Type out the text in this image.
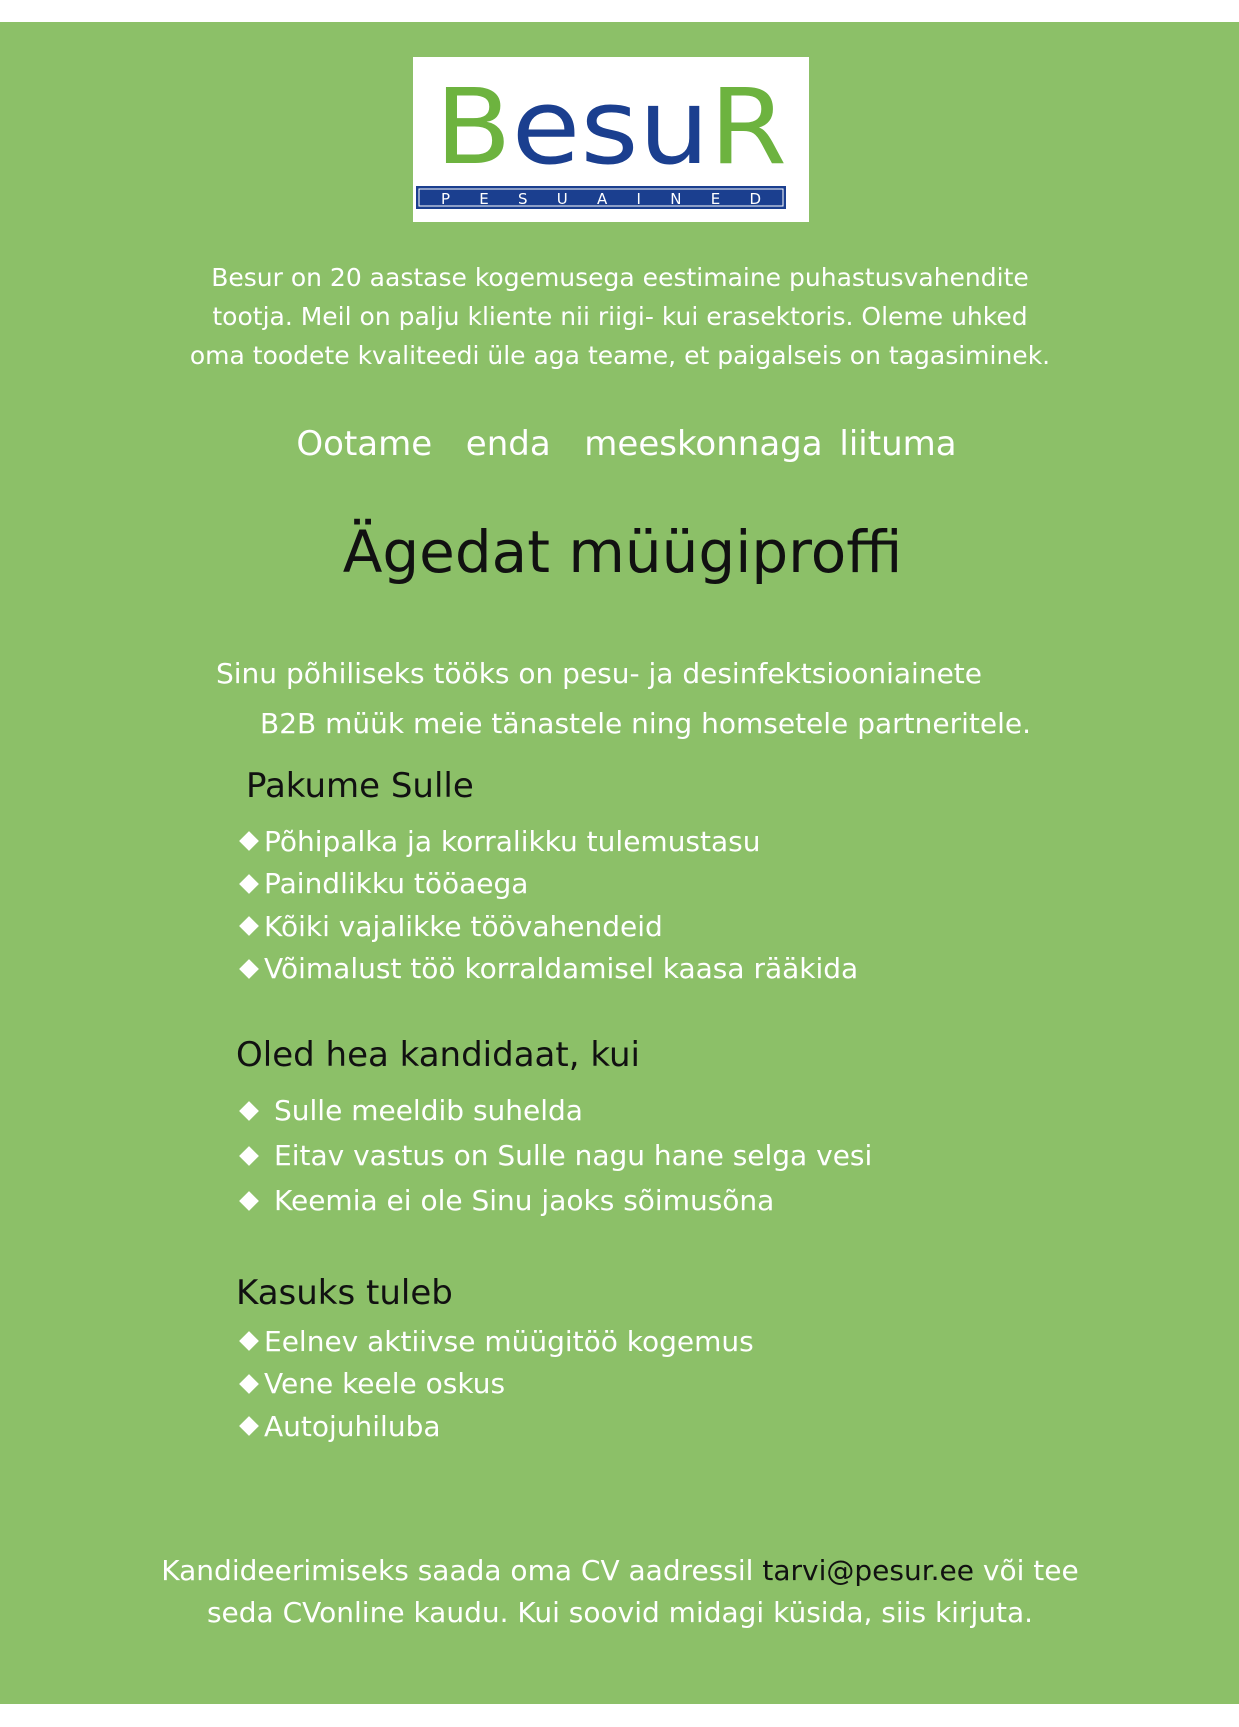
Besu R
PESUAINED
Besur on 20 aastase kogemusega eestimaine puhastusvahendite
tootja. Meil on palju kliente nii riigi- kui erasektoris. Oleme uhked
oma toodete kvaliteedi üle aga teame, et paigalseis on tagasiminek.
Ootame  enda  meeskonnaga liituma
Ägedat müügiproffi
Sinu põhiliseks tööks on pesu- ja desinfektsiooniainete
B2B müük meie tänastele ning homsetele partneritele.
Pakume Sulle
Põhipalka ja korralikku tulemustasu
Paindlikku tööaega
Kõiki vajalikke töövahendeid
Võimalust töö korraldamisel kaasa rääkida
Oled hea kandidaat, kui
Sulle meeldib suhelda
Eitav vastus on Sulle nagu hane selga vesi
Keemia ei ole Sinu jaoks sõimusõna
Kasuks tuleb
Eelnev aktiivse müügitöö kogemus
Vene keele oskus
Autojuhiluba
Kandideerimiseks saada oma CV aadressil tarvi@pesur.ee või tee
seda CVonline kaudu. Kui soovid midagi küsida, siis kirjuta.
